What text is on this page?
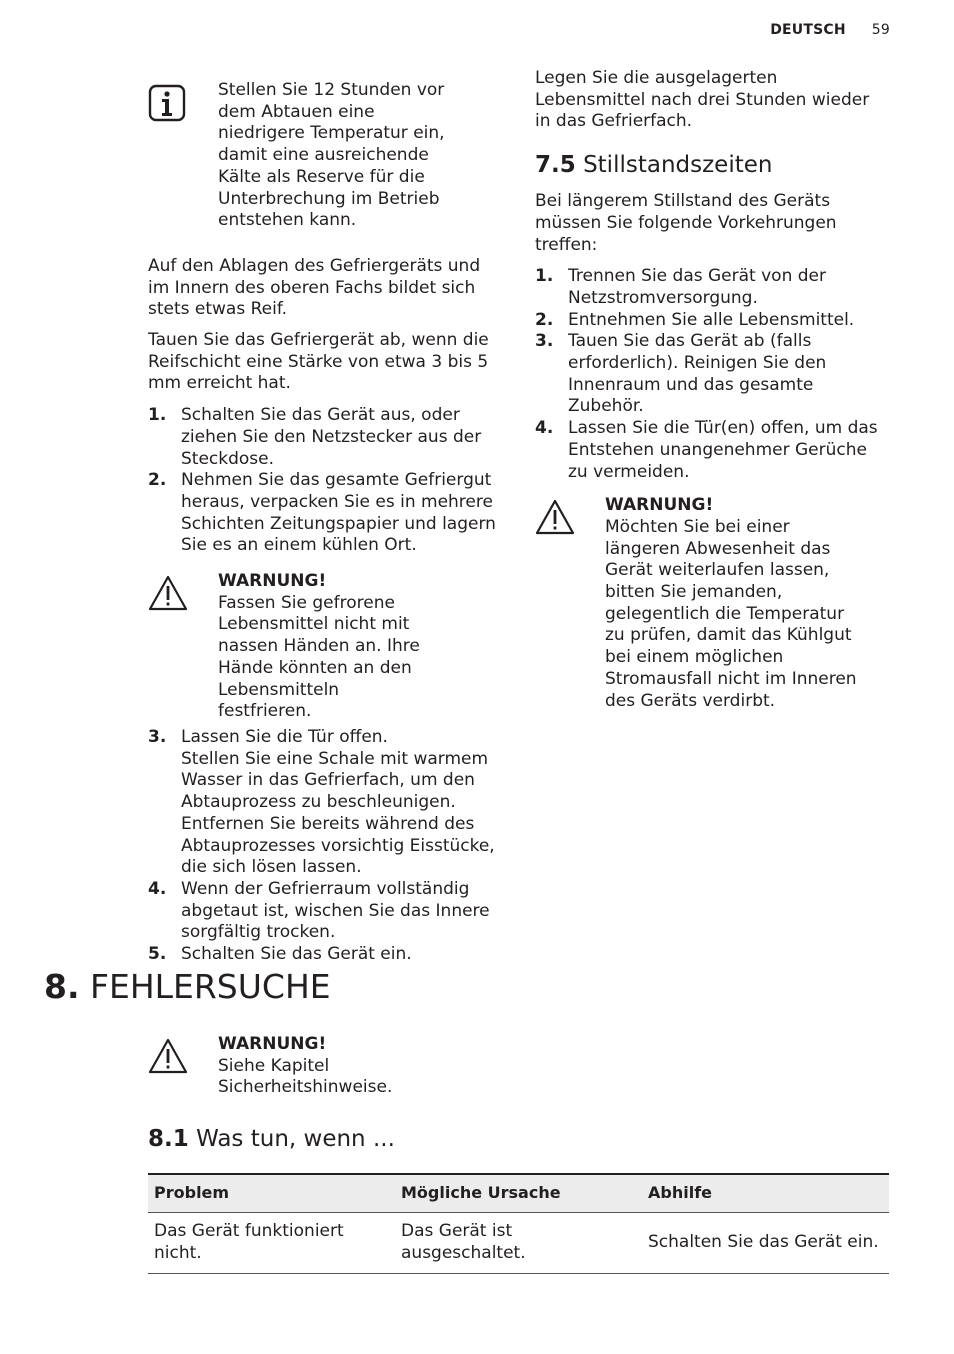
DEUTSCH 59
Stellen Sie 12 Stunden vor dem Abtauen eine niedrigere Temperatur ein, damit eine ausreichende Kälte als Reserve für die Unterbrechung im Betrieb entstehen kann.

Auf den Ablagen des Gefriergeräts und im Innern des oberen Fachs bildet sich stets etwas Reif.

Tauen Sie das Gefriergerät ab, wenn die Reifschicht eine Stärke von etwa 3 bis 5 mm erreicht hat.

1. Schalten Sie das Gerät aus, oder ziehen Sie den Netzstecker aus der Steckdose.
2. Nehmen Sie das gesamte Gefriergut heraus, verpacken Sie es in mehrere Schichten Zeitungspapier und lagern Sie es an einem kühlen Ort.
WARNUNG!
Fassen Sie gefrorene Lebensmittel nicht mit nassen Händen an. Ihre Hände könnten an den Lebensmitteln festfrieren.
3. Lassen Sie die Tür offen.
Stellen Sie eine Schale mit warmem Wasser in das Gefrierfach, um den Abtauprozess zu beschleunigen. Entfernen Sie bereits während des Abtauprozesses vorsichtig Eisstücke, die sich lösen lassen.
4. Wenn der Gefrierraum vollständig abgetaut ist, wischen Sie das Innere sorgfältig trocken.
5. Schalten Sie das Gerät ein.

Legen Sie die ausgelagerten Lebensmittel nach drei Stunden wieder in das Gefrierfach.

7.5 Stillstandszeiten

Bei längerem Stillstand des Geräts müssen Sie folgende Vorkehrungen treffen:

1. Trennen Sie das Gerät von der Netzstromversorgung.
2. Entnehmen Sie alle Lebensmittel.
3. Tauen Sie das Gerät ab (falls erforderlich). Reinigen Sie den Innenraum und das gesamte Zubehör.
4. Lassen Sie die Tür(en) offen, um das Entstehen unangenehmer Gerüche zu vermeiden.
WARNUNG!
Möchten Sie bei einer längeren Abwesenheit das Gerät weiterlaufen lassen, bitten Sie jemanden, gelegentlich die Temperatur zu prüfen, damit das Kühlgut bei einem möglichen Stromausfall nicht im Inneren des Geräts verdirbt.
8. FEHLERSUCHE
WARNUNG!
Siehe Kapitel Sicherheitshinweise.
8.1 Was tun, wenn ...
Problem	Mögliche Ursache	Abhilfe
Das Gerät funktioniert nicht.	Das Gerät ist ausgeschaltet.	Schalten Sie das Gerät ein.
